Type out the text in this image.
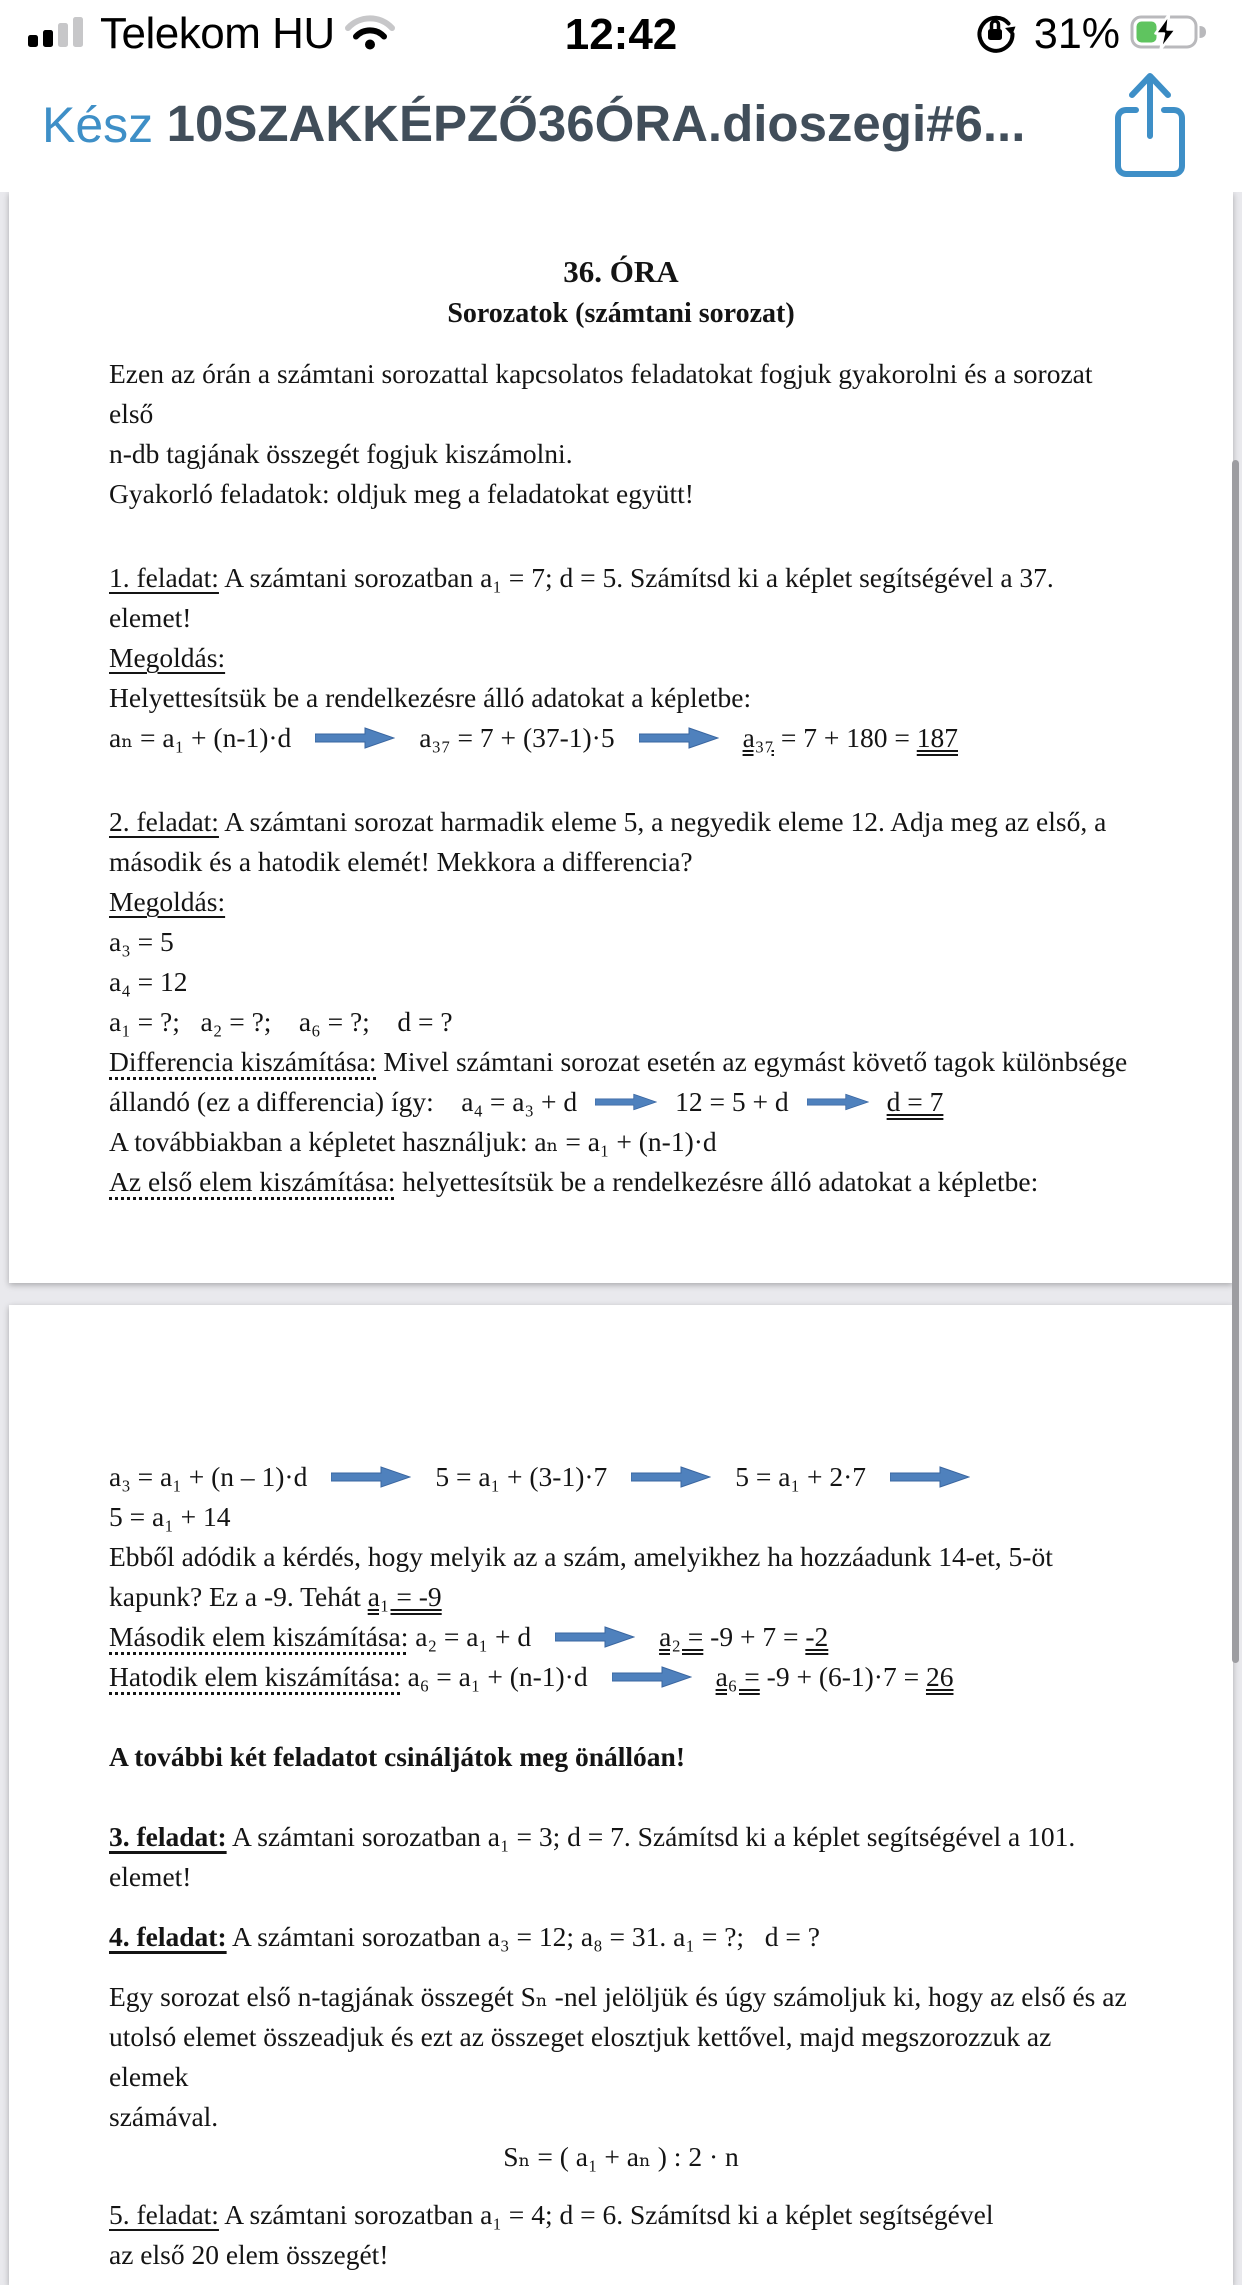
Telekom HU	12:42	31%
Kész 10SZAKKÉPZŐ36ÓRA.dioszegi#6...

36. ÓRA

Sorozatok (számtani sorozat)

Ezen az órán a számtani sorozattal kapcsolatos feladatokat fogjuk gyakorolni és a sorozat első
n-db tagjának összegét fogjuk kiszámolni.

Gyakorló feladatok: oldjuk meg a feladatokat együtt!

1. feladat: A számtani sorozatban a₁ = 7; d = 5. Számítsd ki a képlet segítségével a 37. elemet!

Megoldás:

Helyettesítsük be a rendelkezésre álló adatokat a képletbe:

aₙ = a₁ + (n-1)·d	a₃₇ = 7 + (37-1)·5	a₃₇ = 7 + 180 = 187

2. feladat: A számtani sorozat harmadik eleme 5, a negyedik eleme 12. Adja meg az első, a
második és a hatodik elemét! Mekkora a differencia?

Megoldás:

a₃ = 5

a₄ = 12

a₁ = ?;   a₂ = ?;    a₆ = ?;    d = ?

Differencia kiszámítása: Mivel számtani sorozat esetén az egymást követő tagok különbsége
állandó (ez a differencia) így:    a₄ = a₃ + d	12 = 5 + d	d = 7

A továbbiakban a képletet használjuk: aₙ = a₁ + (n-1)·d

Az első elem kiszámítása: helyettesítsük be a rendelkezésre álló adatokat a képletbe:

a₃ = a₁ + (n – 1)·d	5 = a₁ + (3-1)·7	5 = a₁ + 2·7

5 = a₁ + 14

Ebből adódik a kérdés, hogy melyik az a szám, amelyikhez ha hozzáadunk 14-et, 5-öt
kapunk? Ez a -9. Tehát a₁ = -9

Második elem kiszámítása: a₂ = a₁ + d	a₂ = -9 + 7 = -2

Hatodik elem kiszámítása: a₆ = a₁ + (n-1)·d	a₆ = -9 + (6-1)·7 = 26

A további két feladatot csináljátok meg önállóan!

3. feladat: A számtani sorozatban a₁ = 3; d = 7. Számítsd ki a képlet segítségével a 101.
elemet!

4. feladat: A számtani sorozatban a₃ = 12; a₈ = 31. a₁ = ?;   d = ?

Egy sorozat első n-tagjának összegét Sₙ -nel jelöljük és úgy számoljuk ki, hogy az első és az
utolsó elemet összeadjuk és ezt az összeget elosztjuk kettővel, majd megszorozzuk az elemek
számával.

Sₙ = ( a₁ + aₙ ) : 2 · n

5. feladat: A számtani sorozatban a₁ = 4; d = 6. Számítsd ki a képlet segítségével
az első 20 elem összegét!
